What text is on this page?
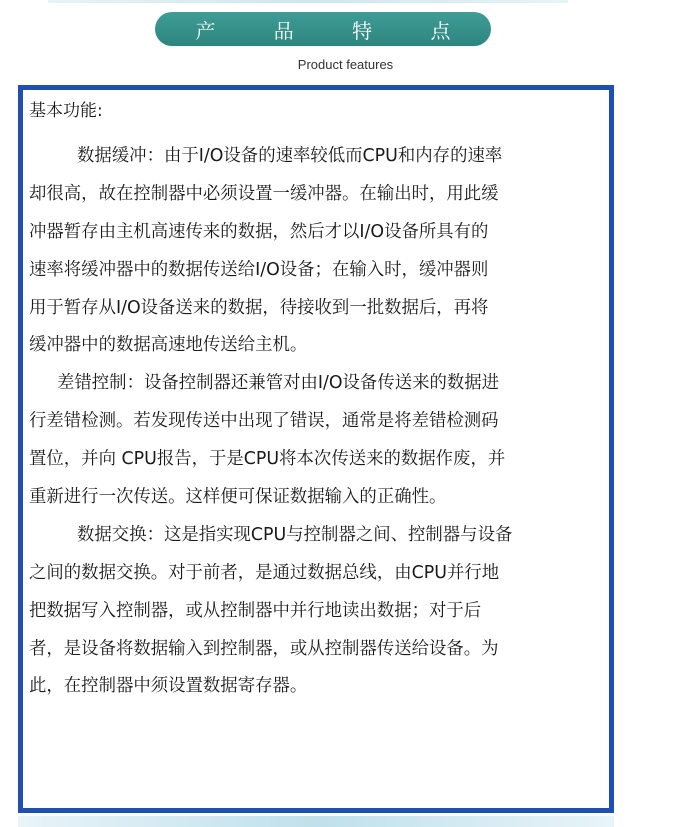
产 品 特 点
Product features
基本功能:
数据缓冲：由于I/O设备的速率较低而CPU和内存的速率
却很高，故在控制器中必须设置一缓冲器。在输出时，用此缓
冲器暂存由主机高速传来的数据，然后才以I/O设备所具有的
速率将缓冲器中的数据传送给I/O设备；在输入时，缓冲器则
用于暂存从I/O设备送来的数据，待接收到一批数据后，再将
缓冲器中的数据高速地传送给主机。
差错控制：设备控制器还兼管对由I/O设备传送来的数据进
行差错检测。若发现传送中出现了错误，通常是将差错检测码
置位，并向 CPU报告，于是CPU将本次传送来的数据作废，并
重新进行一次传送。这样便可保证数据输入的正确性。
数据交换：这是指实现CPU与控制器之间、控制器与设备
之间的数据交换。对于前者，是通过数据总线，由CPU并行地
把数据写入控制器，或从控制器中并行地读出数据；对于后
者，是设备将数据输入到控制器，或从控制器传送给设备。为
此，在控制器中须设置数据寄存器。
